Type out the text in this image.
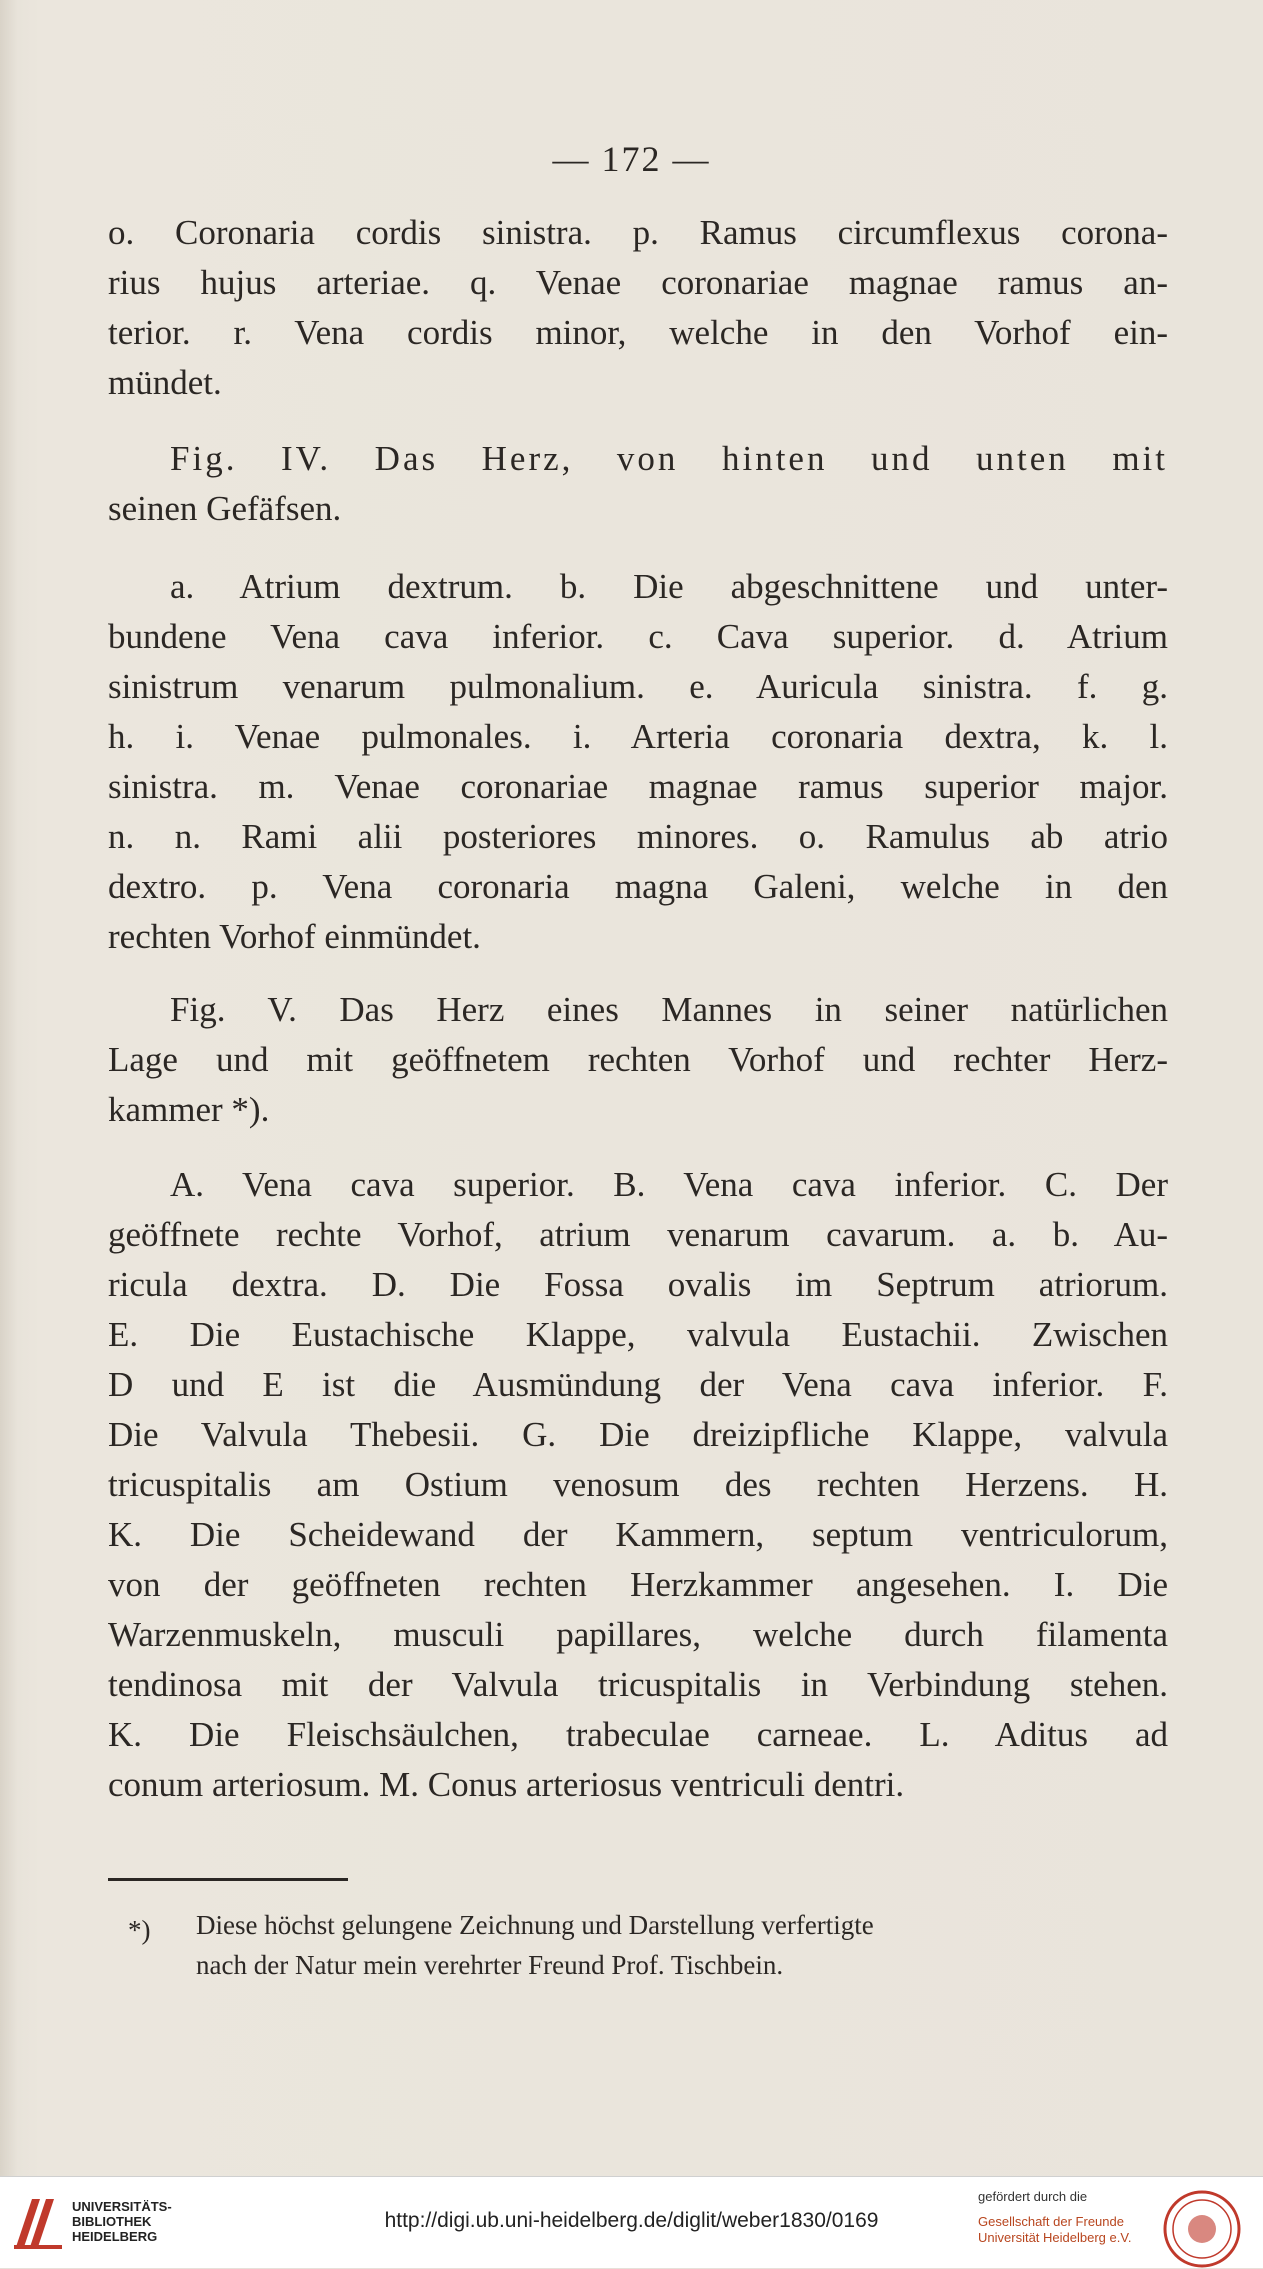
— 172 —
o. Coronaria cordis sinistra. p. Ramus circumflexus corona-
rius hujus arteriae. q. Venae coronariae magnae ramus an-
terior. r. Vena cordis minor, welche in den Vorhof ein-
mündet.
Fig. IV. Das Herz, von hinten und unten mit
seinen Gefäfsen.
a. Atrium dextrum. b. Die abgeschnittene und unter-
bundene Vena cava inferior. c. Cava superior. d. Atrium
sinistrum venarum pulmonalium. e. Auricula sinistra. f. g.
h. i. Venae pulmonales. i. Arteria coronaria dextra, k. l.
sinistra. m. Venae coronariae magnae ramus superior major.
n. n. Rami alii posteriores minores. o. Ramulus ab atrio
dextro. p. Vena coronaria magna Galeni, welche in den
rechten Vorhof einmündet.
Fig. V. Das Herz eines Mannes in seiner natürlichen
Lage und mit geöffnetem rechten Vorhof und rechter Herz-
kammer *).
A. Vena cava superior. B. Vena cava inferior. C. Der
geöffnete rechte Vorhof, atrium venarum cavarum. a. b. Au-
ricula dextra. D. Die Fossa ovalis im Septrum atriorum.
E. Die Eustachische Klappe, valvula Eustachii. Zwischen
D und E ist die Ausmündung der Vena cava inferior. F.
Die Valvula Thebesii. G. Die dreizipfliche Klappe, valvula
tricuspitalis am Ostium venosum des rechten Herzens. H.
K. Die Scheidewand der Kammern, septum ventriculorum,
von der geöffneten rechten Herzkammer angesehen. I. Die
Warzenmuskeln, musculi papillares, welche durch filamenta
tendinosa mit der Valvula tricuspitalis in Verbindung stehen.
K. Die Fleischsäulchen, trabeculae carneae. L. Aditus ad
conum arteriosum. M. Conus arteriosus ventriculi dentri.
*) Diese höchst gelungene Zeichnung und Darstellung verfertigte
nach der Natur mein verehrter Freund Prof. Tischbein.
UNIVERSITÄTS-
BIBLIOTHEK
HEIDELBERG
http://digi.ub.uni-heidelberg.de/diglit/weber1830/0169
gefördert durch die
Gesellschaft der Freunde
Universität Heidelberg e.V.
